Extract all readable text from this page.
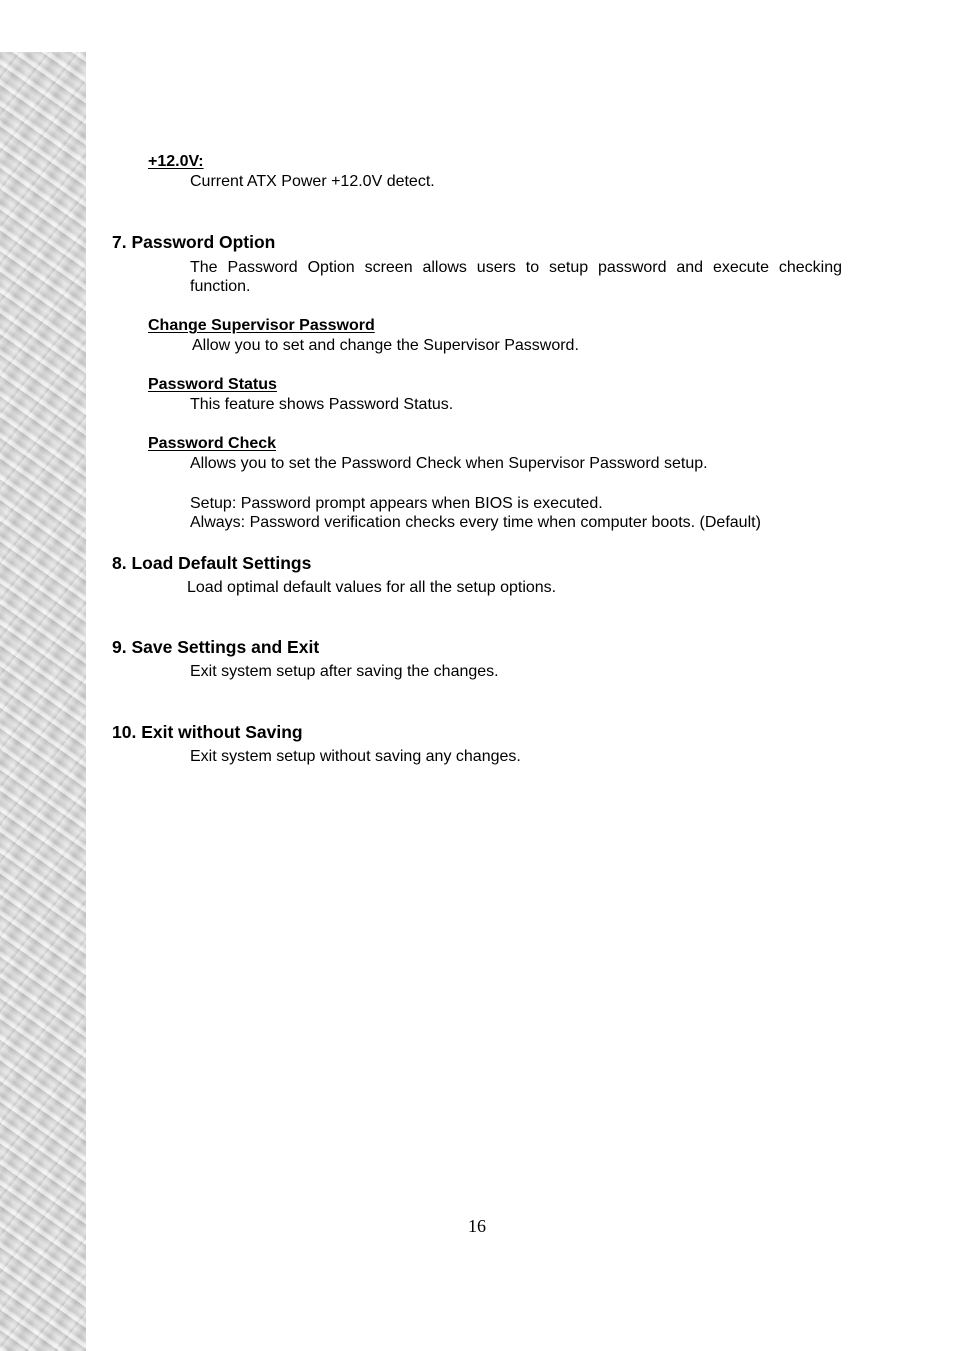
+12.0V:
Current ATX Power +12.0V detect.
7. Password Option
The Password Option screen allows users to setup password and execute checking function.
Change Supervisor Password
Allow you to set and change the Supervisor Password.
Password Status
This feature shows Password Status.
Password Check
Allows you to set the Password Check when Supervisor Password setup.
Setup: Password prompt appears when BIOS is executed.
Always: Password verification checks every time when computer boots. (Default)
8. Load Default Settings
Load optimal default values for all the setup options.
9. Save Settings and Exit
Exit system setup after saving the changes.
10. Exit without Saving
Exit system setup without saving any changes.
16
